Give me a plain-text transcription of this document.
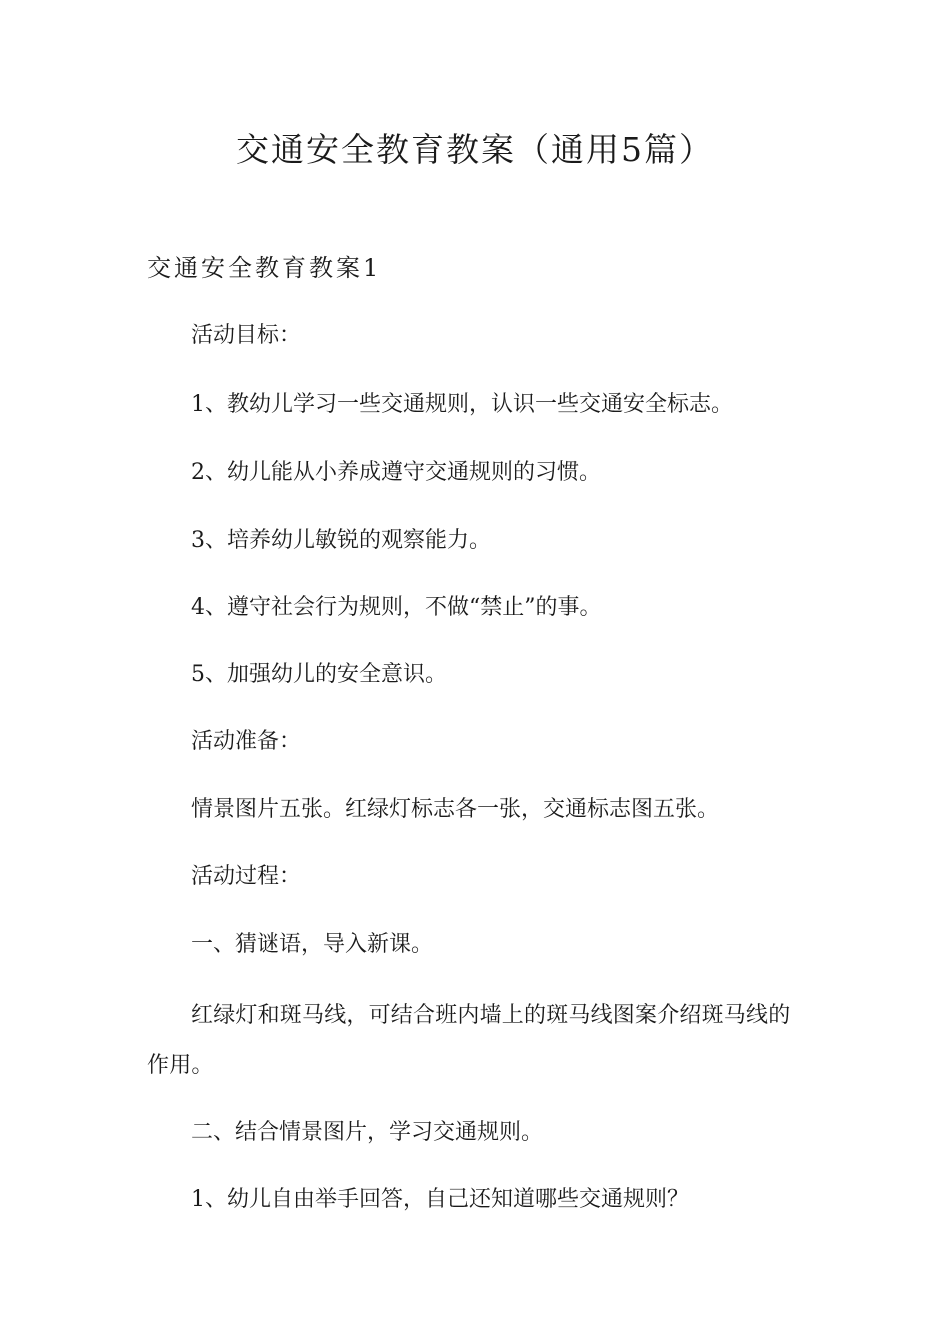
交通安全教育教案（通用5篇）
交通安全教育教案1

活动目标：

1、教幼儿学习一些交通规则，认识一些交通安全标志。

2、幼儿能从小养成遵守交通规则的习惯。

3、培养幼儿敏锐的观察能力。

4、遵守社会行为规则，不做“禁止”的事。

5、加强幼儿的安全意识。

活动准备：

情景图片五张。红绿灯标志各一张，交通标志图五张。

活动过程：

一、猜谜语，导入新课。

红绿灯和斑马线，可结合班内墙上的斑马线图案介绍斑马线的作用。

二、结合情景图片，学习交通规则。

1、幼儿自由举手回答，自己还知道哪些交通规则？
